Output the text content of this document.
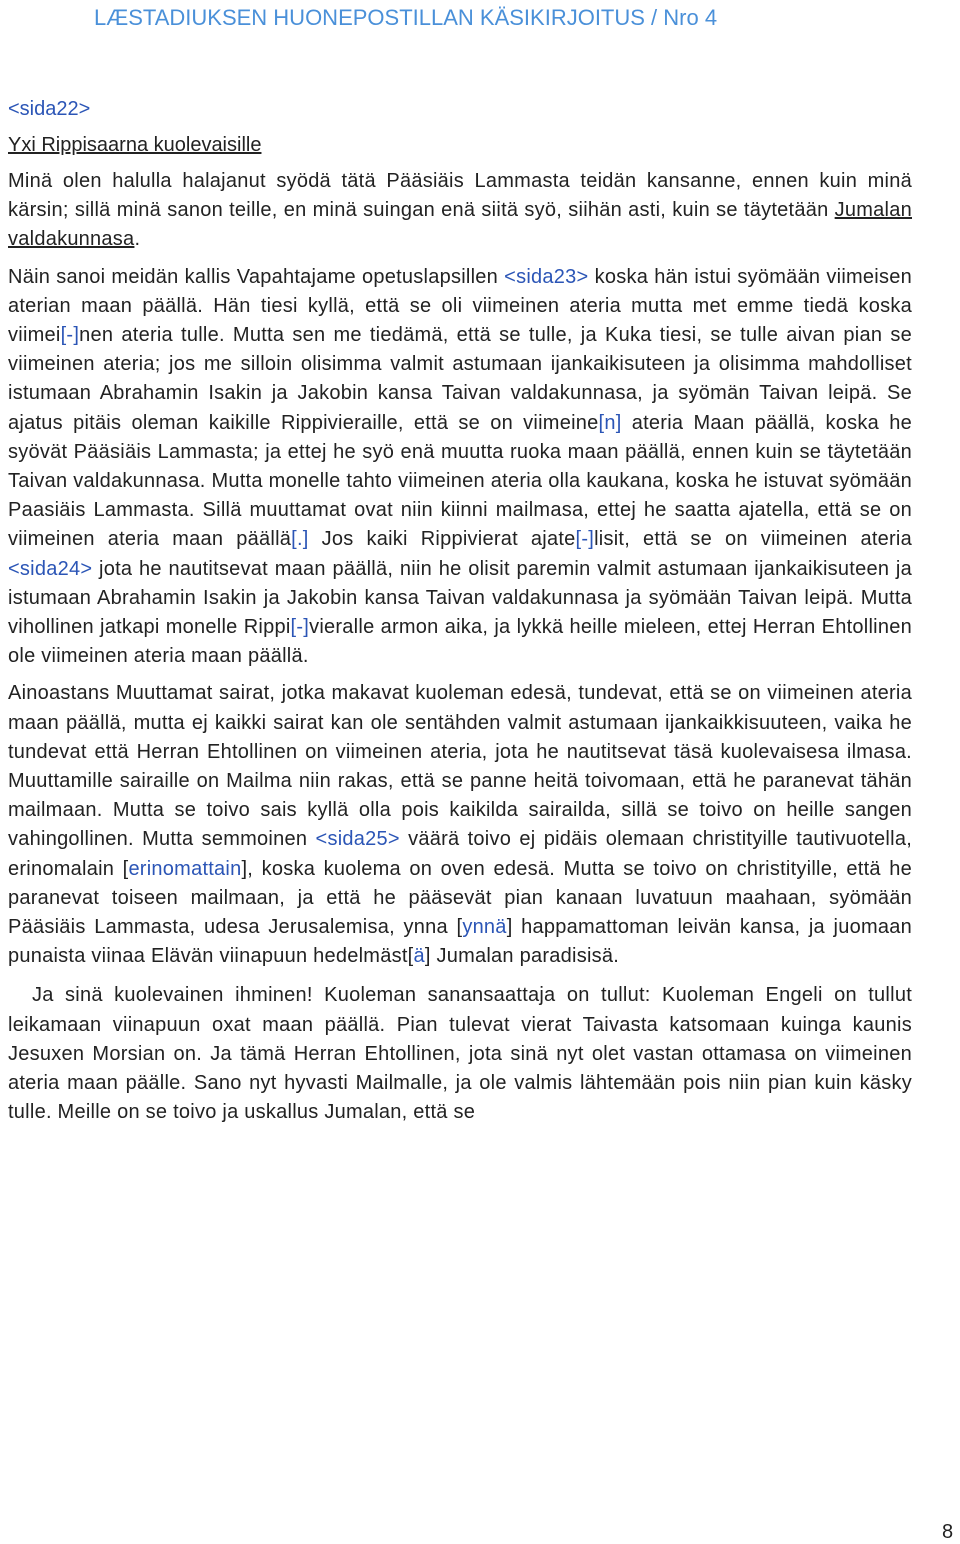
LÆSTADIUKSEN HUONEPOSTILLAN KÄSIKIRJOITUS / Nro 4
<sida22>
Yxi Rippisaarna kuolevaisille

Minä olen halulla halajanut syödä tätä Pääsiäis Lammasta teidän kansanne, ennen kuin minä kärsin; sillä minä sanon teille, en minä suingan enä siitä syö, siihän asti, kuin se täytetään Jumalan valdakunnasa.

Näin sanoi meidän kallis Vapahtajame opetuslapsillen <sida23> koska hän istui syömään viimeisen aterian maan päällä. Hän tiesi kyllä, että se oli viimeinen ateria mutta met emme tiedä koska viimei[-]nen ateria tulle. Mutta sen me tiedämä, että se tulle, ja Kuka tiesi, se tulle aivan pian se viimeinen ateria; jos me silloin olisimma valmit astumaan ijankaikisuteen ja olisimma mahdolliset istumaan Abrahamin Isakin ja Jakobin kansa Taivan valdakunnasa, ja syömän Taivan leipä. Se ajatus pitäis oleman kaikille Rippivieraille, että se on viimeine[n] ateria Maan päällä, koska he syövät Pääsiäis Lammasta; ja ettej he syö enä muutta ruoka maan päällä, ennen kuin se täytetään Taivan valdakunnasa. Mutta monelle tahto viimeinen ateria olla kaukana, koska he istuvat syömään Paasiäis Lammasta. Sillä muuttamat ovat niin kiinni mailmasa, ettej he saatta ajatella, että se on viimeinen ateria maan päällä[.] Jos kaiki Rippivierat ajate[-]lisit, että se on viimeinen ateria <sida24> jota he nautitsevat maan päällä, niin he olisit paremin valmit astumaan ijankaikisuteen ja istumaan Abrahamin Isakin ja Jakobin kansa Taivan valdakunnasa ja syömään Taivan leipä. Mutta vihollinen jatkapi monelle Rippi[-]vieralle armon aika, ja lykkä heille mieleen, ettej Herran Ehtollinen ole viimeinen ateria maan päällä.

Ainoastans Muuttamat sairat, jotka makavat kuoleman edesä, tundevat, että se on viimeinen ateria maan päällä, mutta ej kaikki sairat kan ole sentähden valmit astumaan ijankaikkisuuteen, vaika he tundevat että Herran Ehtollinen on viimeinen ateria, jota he nautitsevat täsä kuolevaisesa ilmasa. Muuttamille sairaille on Mailma niin rakas, että se panne heitä toivomaan, että he paranevat tähän mailmaan. Mutta se toivo sais kyllä olla pois kaikilda sairailda, sillä se toivo on heille sangen vahingollinen. Mutta semmoinen <sida25> väärä toivo ej pidäis olemaan christityille tautivuotella, erinomalain [erinomattain], koska kuolema on oven edesä. Mutta se toivo on christityille, että he paranevat toiseen mailmaan, ja että he pääsevät pian kanaan luvatuun maahaan, syömään Pääsiäis Lammasta, udesa Jerusalemisa, ynna [ynnä] happamattoman leivän kansa, ja juomaan punaista viinaa Elävän viinapuun hedelmäst[ä] Jumalan paradisisä.

Ja sinä kuolevainen ihminen! Kuoleman sanansaattaja on tullut: Kuoleman Engeli on tullut leikamaan viinapuun oxat maan päällä. Pian tulevat vierat Taivasta katsomaan kuinga kaunis Jesuxen Morsian on. Ja tämä Herran Ehtollinen, jota sinä nyt olet vastan ottamasa on viimeinen ateria maan päälle. Sano nyt hyvasti Mailmalle, ja ole valmis lähtemään pois niin pian kuin käsky tulle. Meille on se toivo ja uskallus Jumalan, että se

8
